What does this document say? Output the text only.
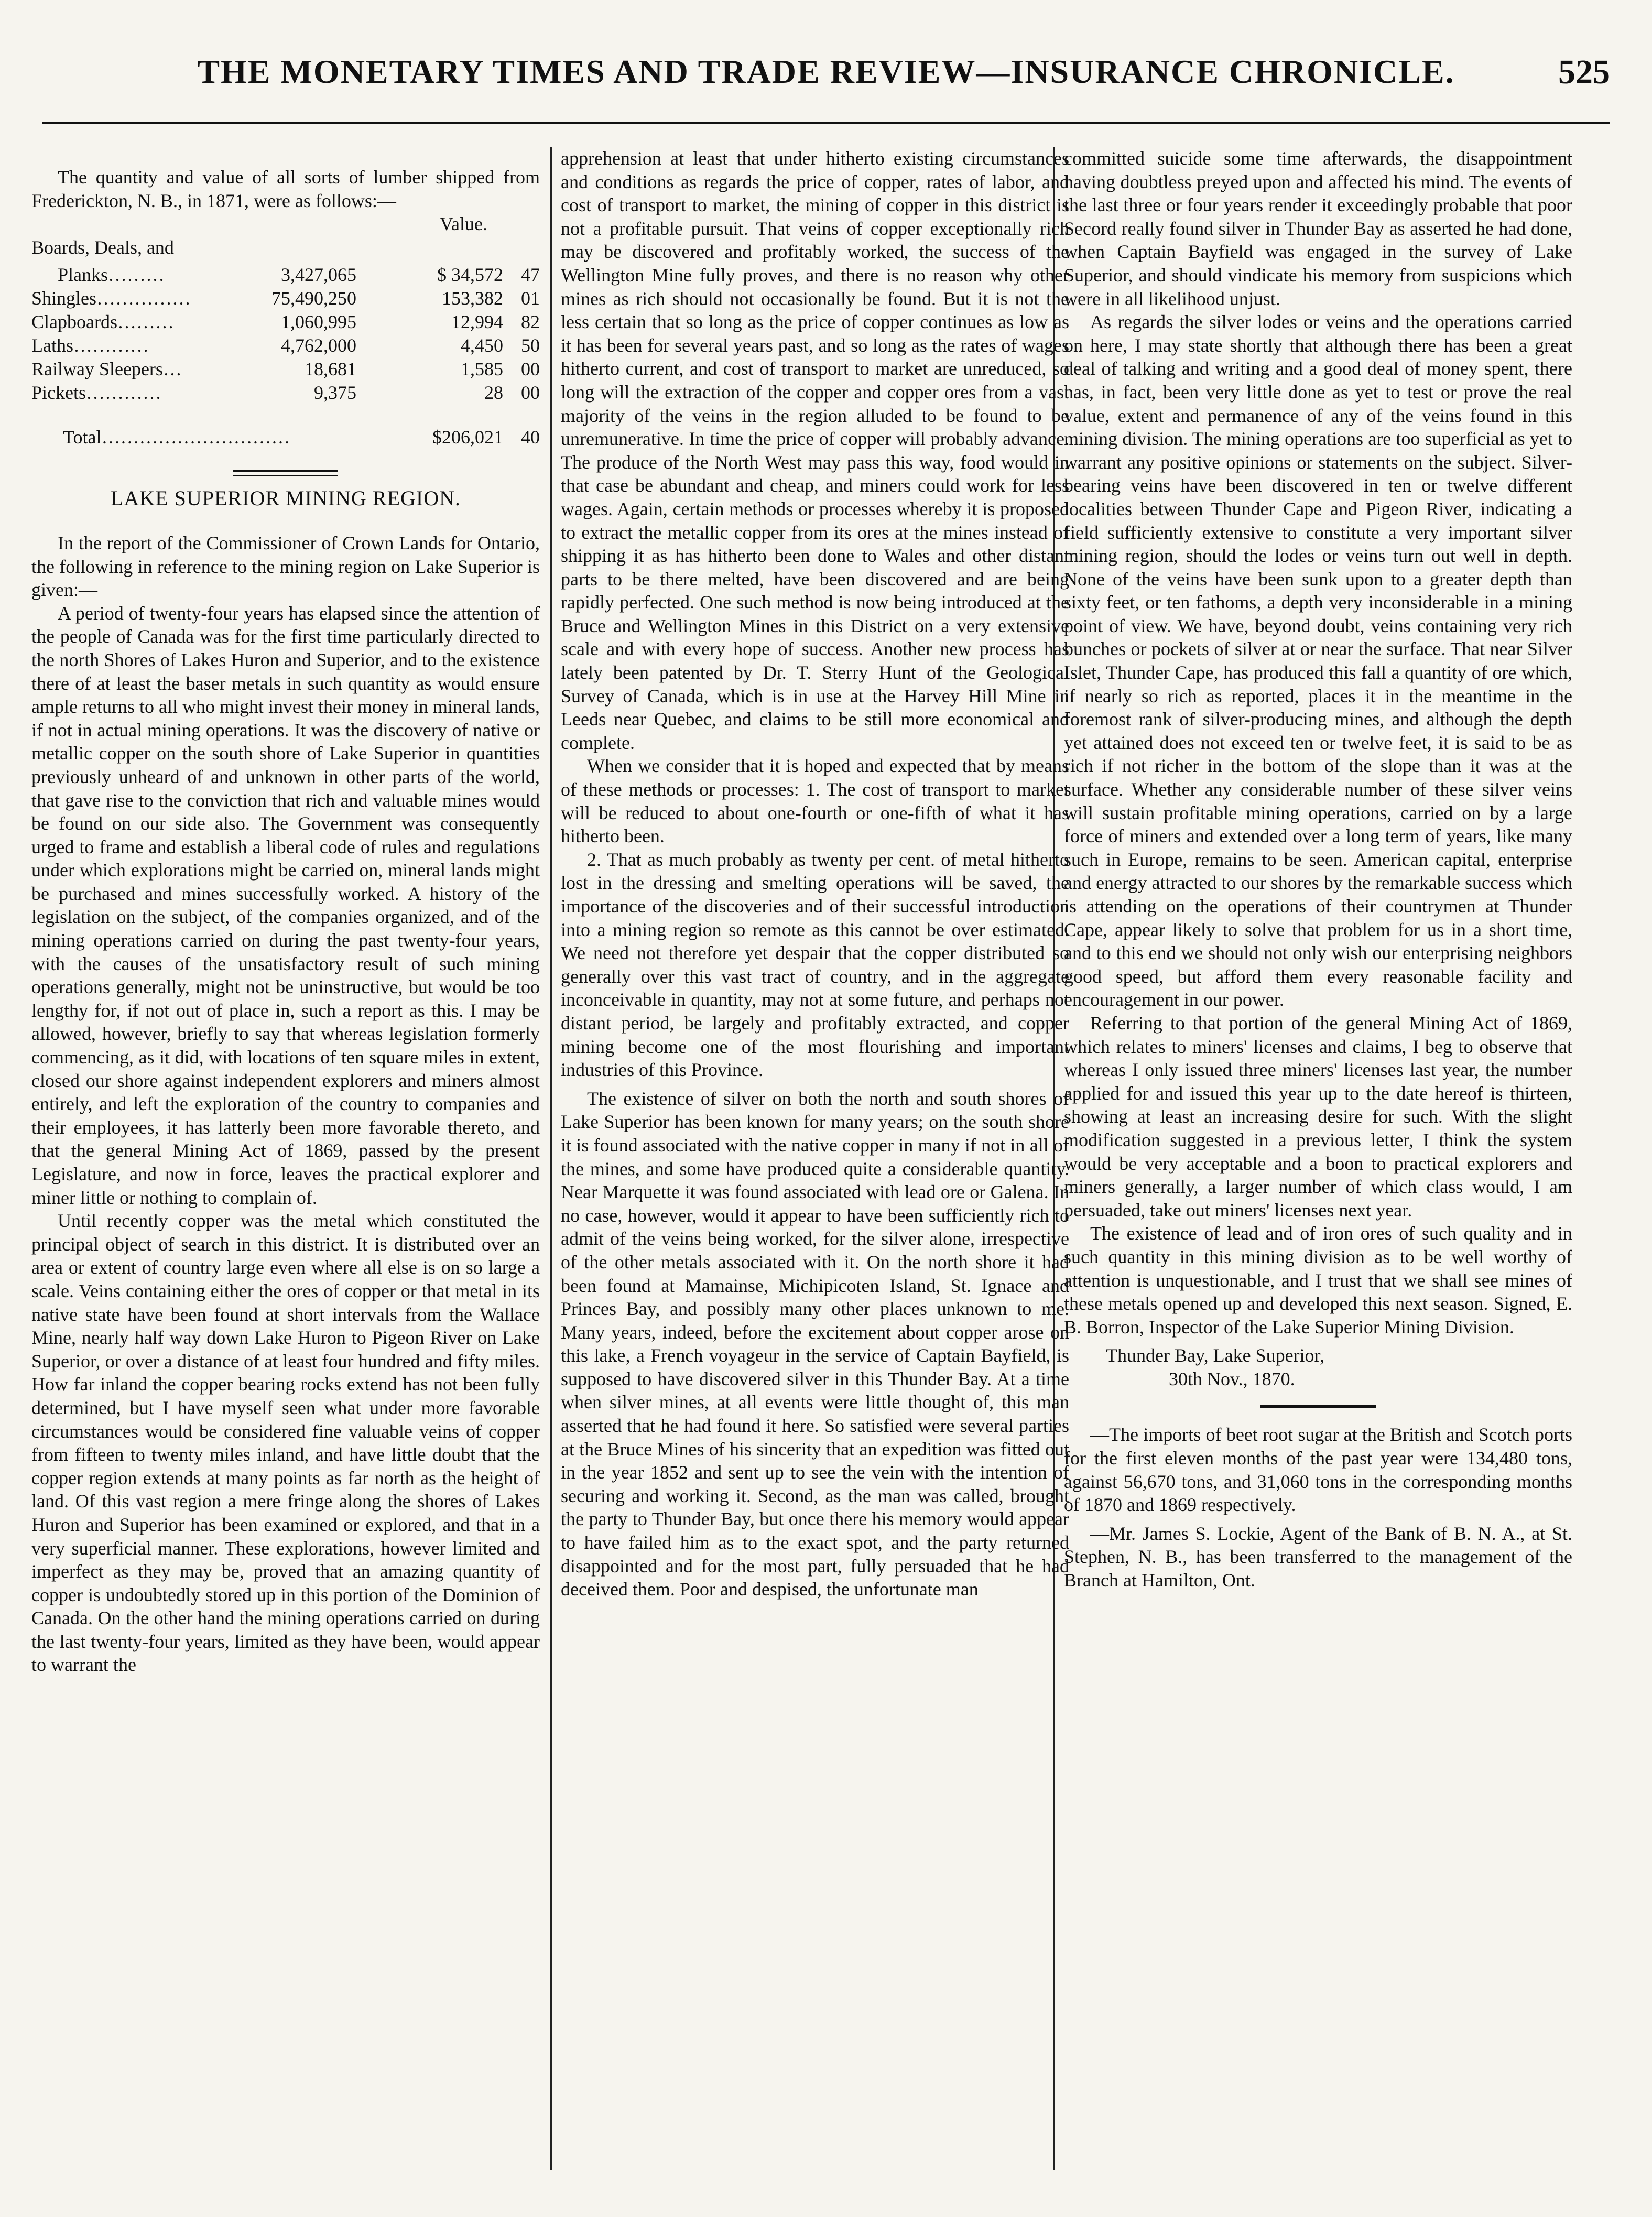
THE MONETARY TIMES AND TRADE REVIEW—INSURANCE CHRONICLE.	525

The quantity and value of all sorts of lumber shipped from Frederickton, N. B., in 1871, were as follows:—

Value.
Boards, Deals, and
Planks………	3,427,065	$ 34,572	47
Shingles……………	75,490,250	153,382	01
Clapboards………	1,060,995	12,994	82
Laths…………	4,762,000	4,450	50
Railway Sleepers…	18,681	1,585	00
Pickets…………	9,375	28	00
Total…………………………		$206,021	40
LAKE SUPERIOR MINING REGION.

In the report of the Commissioner of Crown Lands for Ontario, the following in reference to the mining region on Lake Superior is given:—

A period of twenty-four years has elapsed since the attention of the people of Canada was for the first time particularly directed to the north Shores of Lakes Huron and Superior, and to the existence there of at least the baser metals in such quantity as would ensure ample returns to all who might invest their money in mineral lands, if not in actual mining operations. It was the discovery of native or metallic copper on the south shore of Lake Superior in quantities previously unheard of and unknown in other parts of the world, that gave rise to the conviction that rich and valuable mines would be found on our side also. The Government was consequently urged to frame and establish a liberal code of rules and regulations under which explorations might be carried on, mineral lands might be purchased and mines successfully worked. A history of the legislation on the subject, of the companies organized, and of the mining operations carried on during the past twenty-four years, with the causes of the unsatisfactory result of such mining operations generally, might not be uninstructive, but would be too lengthy for, if not out of place in, such a report as this. I may be allowed, however, briefly to say that whereas legislation formerly commencing, as it did, with locations of ten square miles in extent, closed our shore against independent explorers and miners almost entirely, and left the exploration of the country to companies and their employees, it has latterly been more favorable thereto, and that the general Mining Act of 1869, passed by the present Legislature, and now in force, leaves the practical explorer and miner little or nothing to complain of.

Until recently copper was the metal which constituted the principal object of search in this district. It is distributed over an area or extent of country large even where all else is on so large a scale. Veins containing either the ores of copper or that metal in its native state have been found at short intervals from the Wallace Mine, nearly half way down Lake Huron to Pigeon River on Lake Superior, or over a distance of at least four hundred and fifty miles. How far inland the copper bearing rocks extend has not been fully determined, but I have myself seen what under more favorable circumstances would be considered fine valuable veins of copper from fifteen to twenty miles inland, and have little doubt that the copper region extends at many points as far north as the height of land. Of this vast region a mere fringe along the shores of Lakes Huron and Superior has been examined or explored, and that in a very superficial manner. These explorations, however limited and imperfect as they may be, proved that an amazing quantity of copper is undoubtedly stored up in this portion of the Dominion of Canada. On the other hand the mining operations carried on during the last twenty-four years, limited as they have been, would appear to warrant the

apprehension at least that under hitherto existing circumstances and conditions as regards the price of copper, rates of labor, and cost of transport to market, the mining of copper in this district is not a profitable pursuit. That veins of copper exceptionally rich may be discovered and profitably worked, the success of the Wellington Mine fully proves, and there is no reason why other mines as rich should not occasionally be found. But it is not the less certain that so long as the price of copper continues as low as it has been for several years past, and so long as the rates of wages hitherto current, and cost of transport to market are unreduced, so long will the extraction of the copper and copper ores from a vast majority of the veins in the region alluded to be found to be unremunerative. In time the price of copper will probably advance. The produce of the North West may pass this way, food would in that case be abundant and cheap, and miners could work for less wages. Again, certain methods or processes whereby it is proposed to extract the metallic copper from its ores at the mines instead of shipping it as has hitherto been done to Wales and other distant parts to be there melted, have been discovered and are being rapidly perfected. One such method is now being introduced at the Bruce and Wellington Mines in this District on a very extensive scale and with every hope of success. Another new process has lately been patented by Dr. T. Sterry Hunt of the Geological Survey of Canada, which is in use at the Harvey Hill Mine in Leeds near Quebec, and claims to be still more economical and complete.

When we consider that it is hoped and expected that by means of these methods or processes: 1. The cost of transport to market will be reduced to about one-fourth or one-fifth of what it has hitherto been.

2. That as much probably as twenty per cent. of metal hitherto lost in the dressing and smelting operations will be saved, the importance of the discoveries and of their successful introduction into a mining region so remote as this cannot be over estimated. We need not therefore yet despair that the copper distributed so generally over this vast tract of country, and in the aggregate inconceivable in quantity, may not at some future, and perhaps not distant period, be largely and profitably extracted, and copper mining become one of the most flourishing and important industries of this Province.

The existence of silver on both the north and south shores of Lake Superior has been known for many years; on the south shore it is found associated with the native copper in many if not in all of the mines, and some have produced quite a considerable quantity. Near Marquette it was found associated with lead ore or Galena. In no case, however, would it appear to have been sufficiently rich to admit of the veins being worked, for the silver alone, irrespective of the other metals associated with it. On the north shore it had been found at Mamainse, Michipicoten Island, St. Ignace and Princes Bay, and possibly many other places unknown to me. Many years, indeed, before the excitement about copper arose on this lake, a French voyageur in the service of Captain Bayfield, is supposed to have discovered silver in this Thunder Bay. At a time when silver mines, at all events were little thought of, this man asserted that he had found it here. So satisfied were several parties at the Bruce Mines of his sincerity that an expedition was fitted out in the year 1852 and sent up to see the vein with the intention of securing and working it. Second, as the man was called, brought the party to Thunder Bay, but once there his memory would appear to have failed him as to the exact spot, and the party returned disappointed and for the most part, fully persuaded that he had deceived them. Poor and despised, the unfortunate man

committed suicide some time afterwards, the disappointment having doubtless preyed upon and affected his mind. The events of the last three or four years render it exceedingly probable that poor Secord really found silver in Thunder Bay as asserted he had done, when Captain Bayfield was engaged in the survey of Lake Superior, and should vindicate his memory from suspicions which were in all likelihood unjust.

As regards the silver lodes or veins and the operations carried on here, I may state shortly that although there has been a great deal of talking and writing and a good deal of money spent, there has, in fact, been very little done as yet to test or prove the real value, extent and permanence of any of the veins found in this mining division. The mining operations are too superficial as yet to warrant any positive opinions or statements on the subject. Silver-bearing veins have been discovered in ten or twelve different localities between Thunder Cape and Pigeon River, indicating a field sufficiently extensive to constitute a very important silver mining region, should the lodes or veins turn out well in depth. None of the veins have been sunk upon to a greater depth than sixty feet, or ten fathoms, a depth very inconsiderable in a mining point of view. We have, beyond doubt, veins containing very rich bunches or pockets of silver at or near the surface. That near Silver Islet, Thunder Cape, has produced this fall a quantity of ore which, if nearly so rich as reported, places it in the meantime in the foremost rank of silver-producing mines, and although the depth yet attained does not exceed ten or twelve feet, it is said to be as rich if not richer in the bottom of the slope than it was at the surface. Whether any considerable number of these silver veins will sustain profitable mining operations, carried on by a large force of miners and extended over a long term of years, like many such in Europe, remains to be seen. American capital, enterprise and energy attracted to our shores by the remarkable success which is attending on the operations of their countrymen at Thunder Cape, appear likely to solve that problem for us in a short time, and to this end we should not only wish our enterprising neighbors good speed, but afford them every reasonable facility and encouragement in our power.

Referring to that portion of the general Mining Act of 1869, which relates to miners' licenses and claims, I beg to observe that whereas I only issued three miners' licenses last year, the number applied for and issued this year up to the date hereof is thirteen, showing at least an increasing desire for such. With the slight modification suggested in a previous letter, I think the system would be very acceptable and a boon to practical explorers and miners generally, a larger number of which class would, I am persuaded, take out miners' licenses next year.

The existence of lead and of iron ores of such quality and in such quantity in this mining division as to be well worthy of attention is unquestionable, and I trust that we shall see mines of these metals opened up and developed this next season. Signed, E. B. Borron, Inspector of the Lake Superior Mining Division.

Thunder Bay, Lake Superior,
30th Nov., 1870.

—The imports of beet root sugar at the British and Scotch ports for the first eleven months of the past year were 134,480 tons, against 56,670 tons, and 31,060 tons in the corresponding months of 1870 and 1869 respectively.

—Mr. James S. Lockie, Agent of the Bank of B. N. A., at St. Stephen, N. B., has been transferred to the management of the Branch at Hamilton, Ont.
